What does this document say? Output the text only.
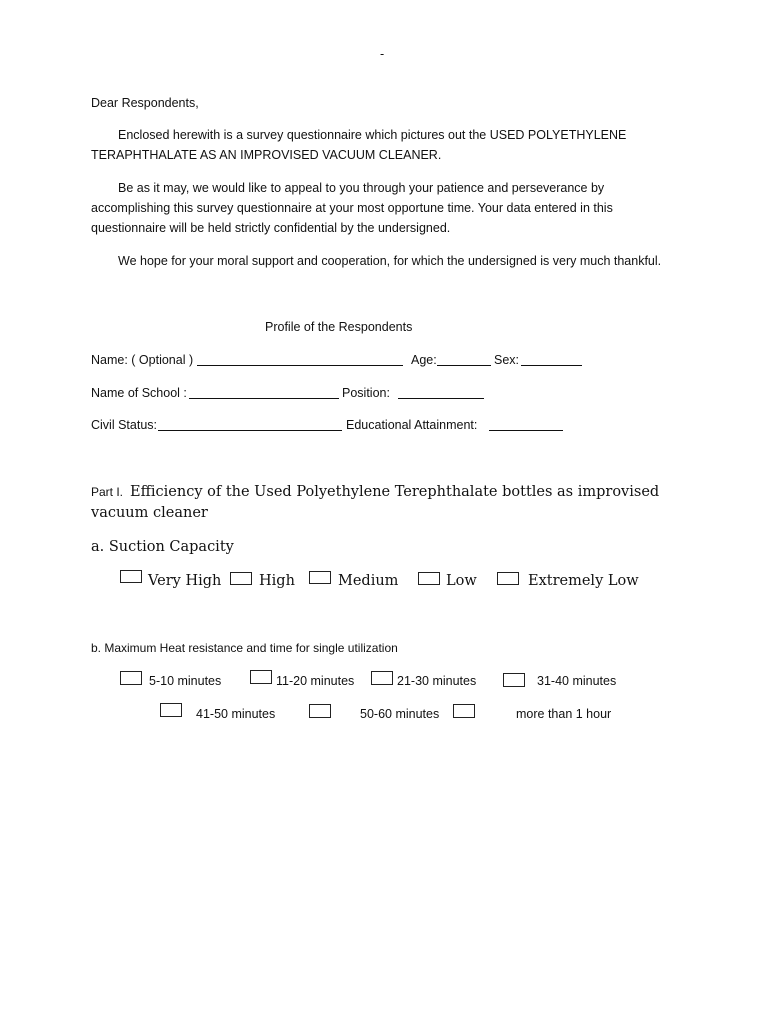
-
Dear Respondents,
Enclosed herewith is a survey questionnaire which pictures out the USED POLYETHYLENE
TERAPHTHALATE AS AN IMPROVISED VACUUM CLEANER.
Be as it may, we would like to appeal to you through your patience and perseverance by
accomplishing this survey questionnaire at your most opportune time. Your data entered in this
questionnaire will be held strictly confidential by the undersigned.
We hope for your moral support and cooperation, for which the undersigned is very much thankful.
Profile of the Respondents
Name: ( Optional )	Age:	Sex:
Name of School :	Position:
Civil Status:	Educational Attainment:
Part I. Efficiency of the Used Polyethylene Terephthalate bottles as improvised
vacuum cleaner
a. Suction Capacity
Very High	High	Medium	Low	Extremely Low
b. Maximum Heat resistance and time for single utilization
5-10 minutes	11-20 minutes	21-30 minutes	31-40 minutes
41-50 minutes	50-60 minutes	more than 1 hour
